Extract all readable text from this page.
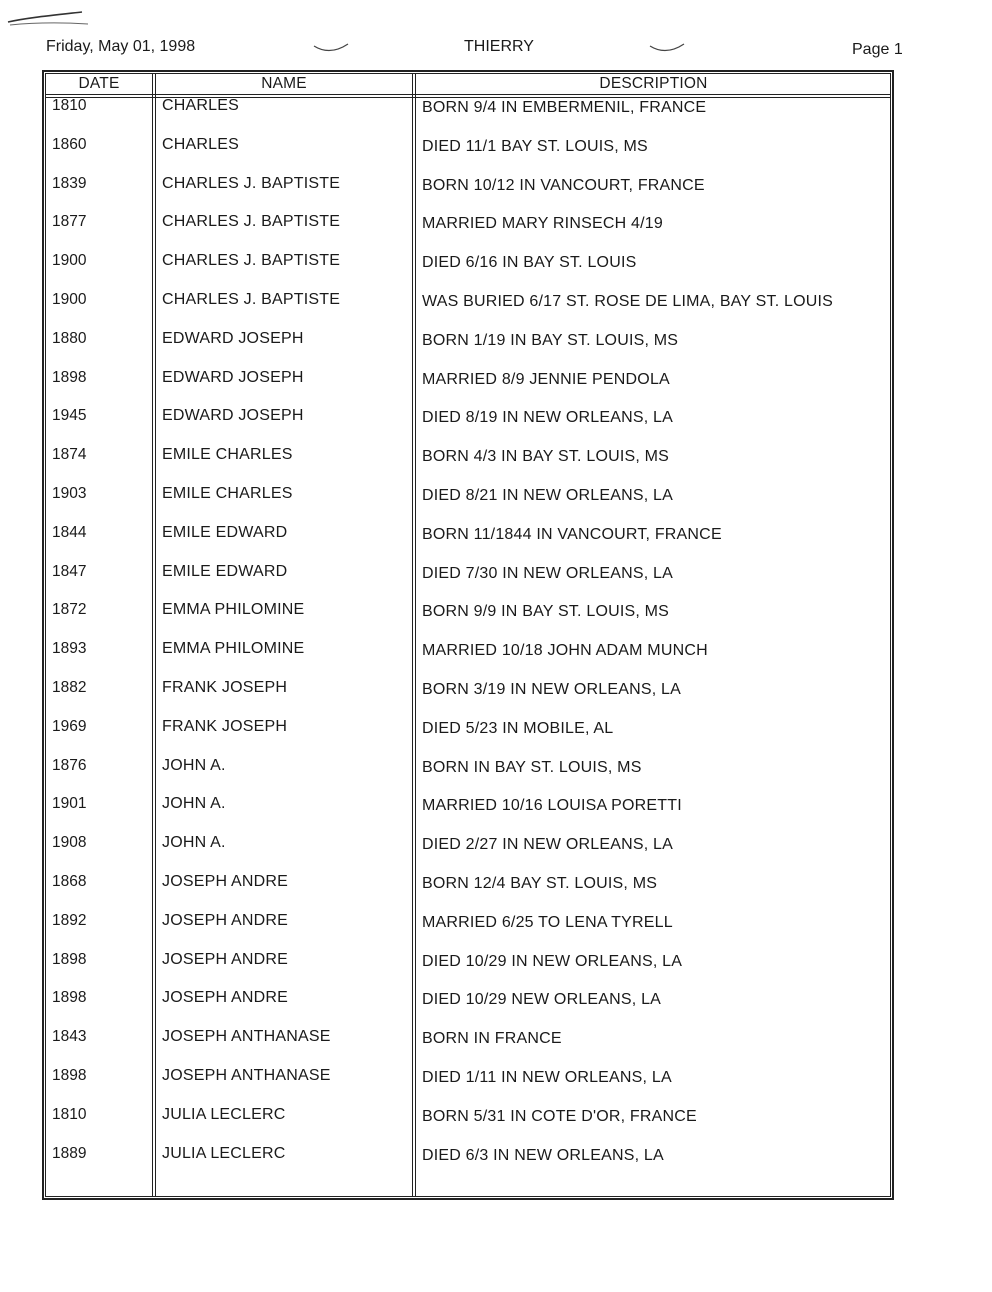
Friday, May 01, 1998	THIERRY	Page 1
DATE	NAME	DESCRIPTION
1810	CHARLES	BORN 9/4 IN EMBERMENIL, FRANCE
1860	CHARLES	DIED 11/1 BAY ST. LOUIS, MS
1839	CHARLES J. BAPTISTE	BORN 10/12 IN VANCOURT, FRANCE
1877	CHARLES J. BAPTISTE	MARRIED MARY RINSECH 4/19
1900	CHARLES J. BAPTISTE	DIED 6/16 IN BAY ST. LOUIS
1900	CHARLES J. BAPTISTE	WAS BURIED 6/17 ST. ROSE DE LIMA, BAY ST. LOUIS
1880	EDWARD JOSEPH	BORN 1/19 IN BAY ST. LOUIS, MS
1898	EDWARD JOSEPH	MARRIED 8/9 JENNIE PENDOLA
1945	EDWARD JOSEPH	DIED 8/19 IN NEW ORLEANS, LA
1874	EMILE CHARLES	BORN 4/3 IN BAY ST. LOUIS, MS
1903	EMILE CHARLES	DIED 8/21 IN NEW ORLEANS, LA
1844	EMILE EDWARD	BORN 11/1844 IN VANCOURT, FRANCE
1847	EMILE EDWARD	DIED 7/30 IN NEW ORLEANS, LA
1872	EMMA PHILOMINE	BORN 9/9 IN BAY ST. LOUIS, MS
1893	EMMA PHILOMINE	MARRIED 10/18 JOHN ADAM MUNCH
1882	FRANK JOSEPH	BORN 3/19 IN NEW ORLEANS, LA
1969	FRANK JOSEPH	DIED 5/23 IN MOBILE, AL
1876	JOHN A.	BORN IN BAY ST. LOUIS, MS
1901	JOHN A.	MARRIED 10/16 LOUISA PORETTI
1908	JOHN A.	DIED 2/27 IN NEW ORLEANS, LA
1868	JOSEPH ANDRE	BORN 12/4 BAY ST. LOUIS, MS
1892	JOSEPH ANDRE	MARRIED 6/25 TO LENA TYRELL
1898	JOSEPH ANDRE	DIED 10/29 IN NEW ORLEANS, LA
1898	JOSEPH ANDRE	DIED 10/29 NEW ORLEANS, LA
1843	JOSEPH ANTHANASE	BORN IN FRANCE
1898	JOSEPH ANTHANASE	DIED 1/11 IN NEW ORLEANS, LA
1810	JULIA LECLERC	BORN 5/31 IN COTE D'OR, FRANCE
1889	JULIA LECLERC	DIED 6/3 IN NEW ORLEANS, LA
